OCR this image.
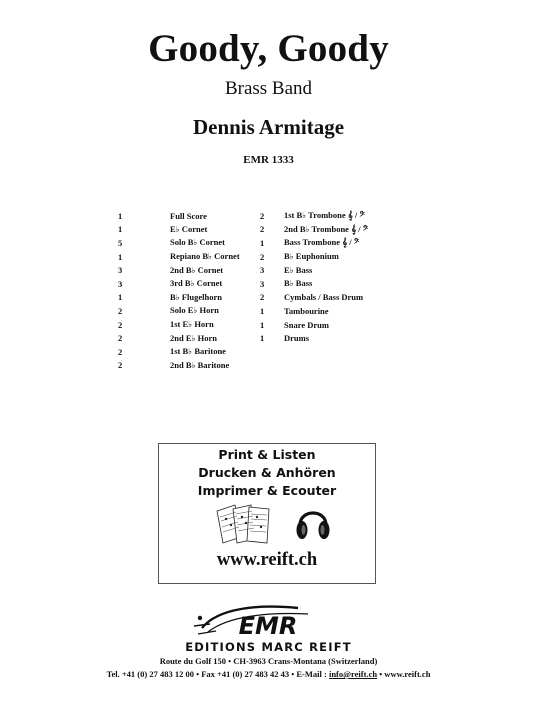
Goody, Goody
Brass Band
Dennis Armitage
EMR 1333
1	Full Score
1	E♭ Cornet
5	Solo B♭ Cornet
1	Repiano B♭ Cornet
3	2nd B♭ Cornet
3	3rd B♭ Cornet
1	B♭ Flugelhorn
2	Solo E♭ Horn
2	1st E♭ Horn
2	2nd E♭ Horn
2	1st B♭ Baritone
2	2nd B♭ Baritone
2	1st B♭ Trombone 𝄞 / 𝄢
2	2nd B♭ Trombone 𝄞 / 𝄢
1	Bass Trombone 𝄞 / 𝄢
2	B♭ Euphonium
3	E♭ Bass
3	B♭ Bass
2	Cymbals / Bass Drum
1	Tambourine
1	Snare Drum
1	Drums
Print & Listen
Drucken & Anhören
Imprimer & Ecouter
www.reift.ch
EMR
EDITIONS MARC REIFT
Route du Golf 150 • CH-3963 Crans-Montana (Switzerland)
Tel. +41 (0) 27 483 12 00 • Fax +41 (0) 27 483 42 43 • E-Mail : info@reift.ch • www.reift.ch
